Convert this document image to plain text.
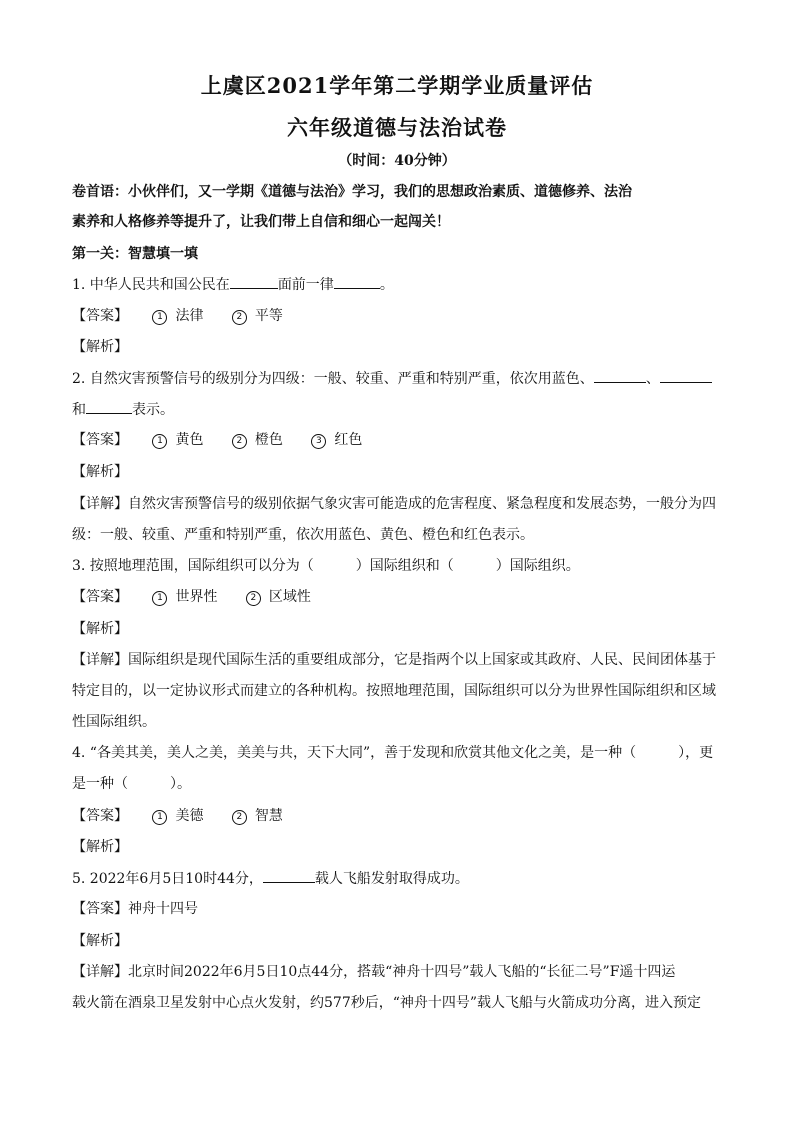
上虞区2021学年第二学期学业质量评估
六年级道德与法治试卷
（时间：40分钟）
卷首语：小伙伴们，又一学期《道德与法治》学习，我们的思想政治素质、道德修养、法治
素养和人格修养等提升了，让我们带上自信和细心一起闯关！
第一关：智慧填一填
1. 中华人民共和国公民在	面前一律	。
【答案】	1 法律	2 平等
【解析】
2. 自然灾害预警信号的级别分为四级：一般、较重、严重和特别严重，依次用蓝色、	、
和	表示。
【答案】	1 黄色	2 橙色	3 红色
【解析】
【详解】自然灾害预警信号的级别依据气象灾害可能造成的危害程度、紧急程度和发展态势，一般分为四
级：一般、较重、严重和特别严重，依次用蓝色、黄色、橙色和红色表示。
3. 按照地理范围，国际组织可以分为（　　　）国际组织和（　　　）国际组织。
【答案】	1 世界性	2 区域性
【解析】
【详解】国际组织是现代国际生活的重要组成部分，它是指两个以上国家或其政府、人民、民间团体基于
特定目的，以一定协议形式而建立的各种机构。按照地理范围，国际组织可以分为世界性国际组织和区域
性国际组织。
4. “各美其美，美人之美，美美与共，天下大同”，善于发现和欣赏其他文化之美，是一种（　　　），更
是一种（　　　）。
【答案】	1 美德	2 智慧
【解析】
5. 2022年6月5日10时44分，	载人飞船发射取得成功。
【答案】神舟十四号
【解析】
【详解】北京时间2022年6月5日10点44分，搭载“神舟十四号”载人飞船的“长征二号”F遥十四运
载火箭在酒泉卫星发射中心点火发射，约577秒后，“神舟十四号”载人飞船与火箭成功分离，进入预定
